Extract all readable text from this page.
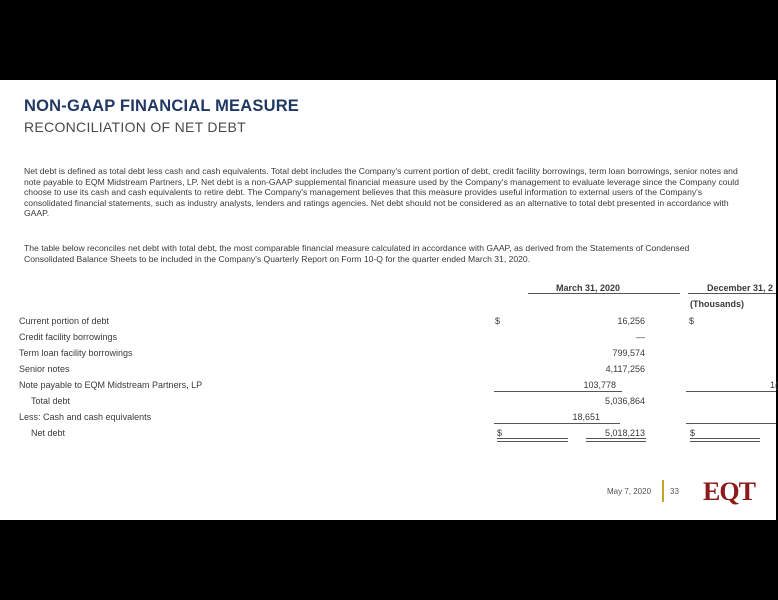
NON-GAAP FINANCIAL MEASURE
RECONCILIATION OF NET DEBT
Net debt is defined as total debt less cash and cash equivalents. Total debt includes the Company's current portion of debt, credit facility borrowings, term loan borrowings, senior notes and note payable to EQM Midstream Partners, LP. Net debt is a non-GAAP supplemental financial measure used by the Company's management to evaluate leverage since the Company could choose to use its cash and cash equivalents to retire debt. The Company's management believes that this measure provides useful information to external users of the Company's consolidated financial statements, such as industry analysts, lenders and ratings agencies. Net debt should not be considered as an alternative to total debt presented in accordance with GAAP.
The table below reconciles net debt with total debt, the most comparable financial measure calculated in accordance with GAAP, as derived from the Statements of Condensed Consolidated Balance Sheets to be included in the Company's Quarterly Report on Form 10-Q for the quarter ended March 31, 2020.
March 31, 2020	December 31, 2
(Thousands)
Current portion of debt	$	16,256	$
Credit facility borrowings	—
Term loan facility borrowings	799,574
Senior notes	4,117,256
Note payable to EQM Midstream Partners, LP	103,778	1(
Total debt	5,036,864
Less: Cash and cash equivalents	18,651
Net debt	$	5,018,213	$
May 7, 2020 33 EQT
